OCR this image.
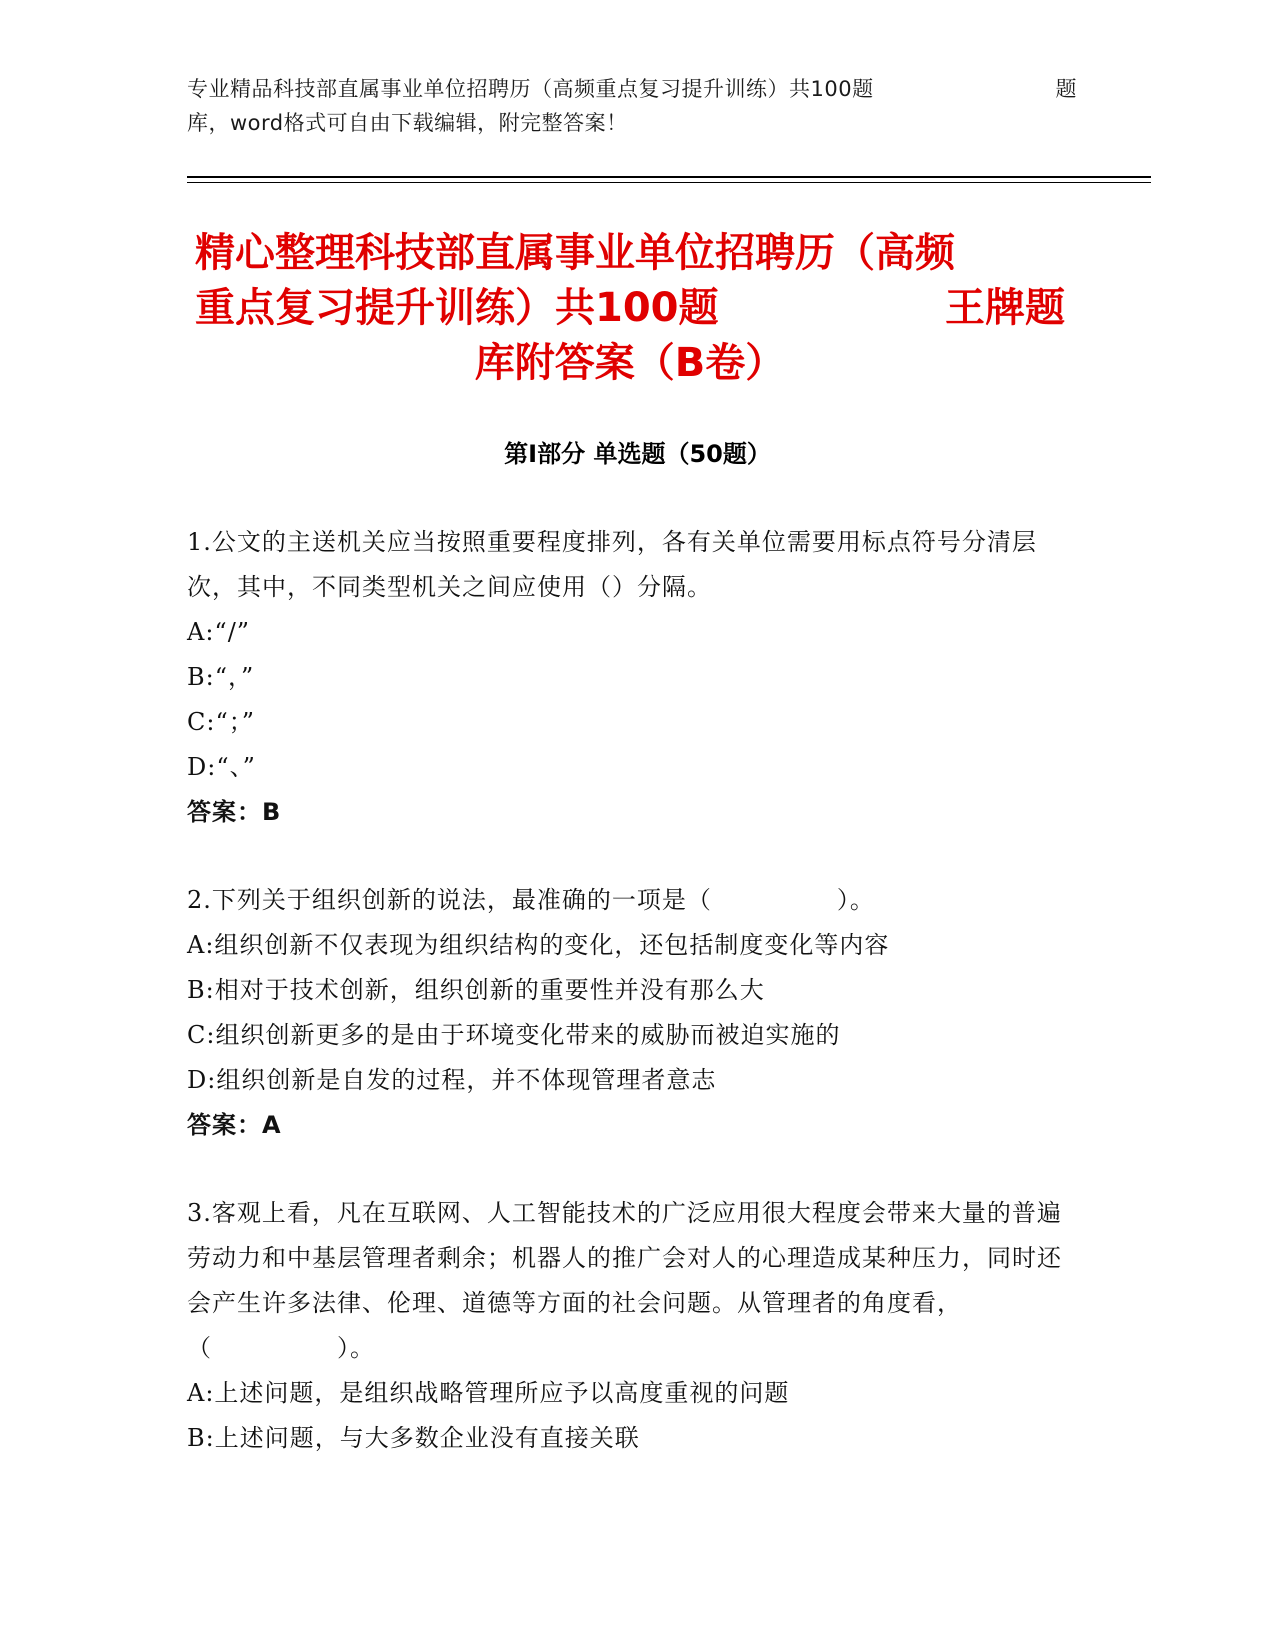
专业精品科技部直属事业单位招聘历（高频重点复习提升训练）共100题	题
库，word格式可自由下载编辑，附完整答案！
精心整理科技部直属事业单位招聘历（高频
重点复习提升训练）共100题	王牌题
库附答案（B卷）
第Ⅰ部分 单选题（50题）

1.公文的主送机关应当按照重要程度排列，各有关单位需要用标点符号分清层次，其中，不同类型机关之间应使用（）分隔。

A:“/”

B:“，”

C:“；”

D:“、”

答案：B

2.下列关于组织创新的说法，最准确的一项是（　　　　　）。

A:组织创新不仅表现为组织结构的变化，还包括制度变化等内容

B:相对于技术创新，组织创新的重要性并没有那么大

C:组织创新更多的是由于环境变化带来的威胁而被迫实施的

D:组织创新是自发的过程，并不体现管理者意志

答案：A

3.客观上看，凡在互联网、人工智能技术的广泛应用很大程度会带来大量的普遍劳动力和中基层管理者剩余；机器人的推广会对人的心理造成某种压力，同时还会产生许多法律、伦理、道德等方面的社会问题。从管理者的角度看，（　　　　　）。

A:上述问题，是组织战略管理所应予以高度重视的问题

B:上述问题，与大多数企业没有直接关联
